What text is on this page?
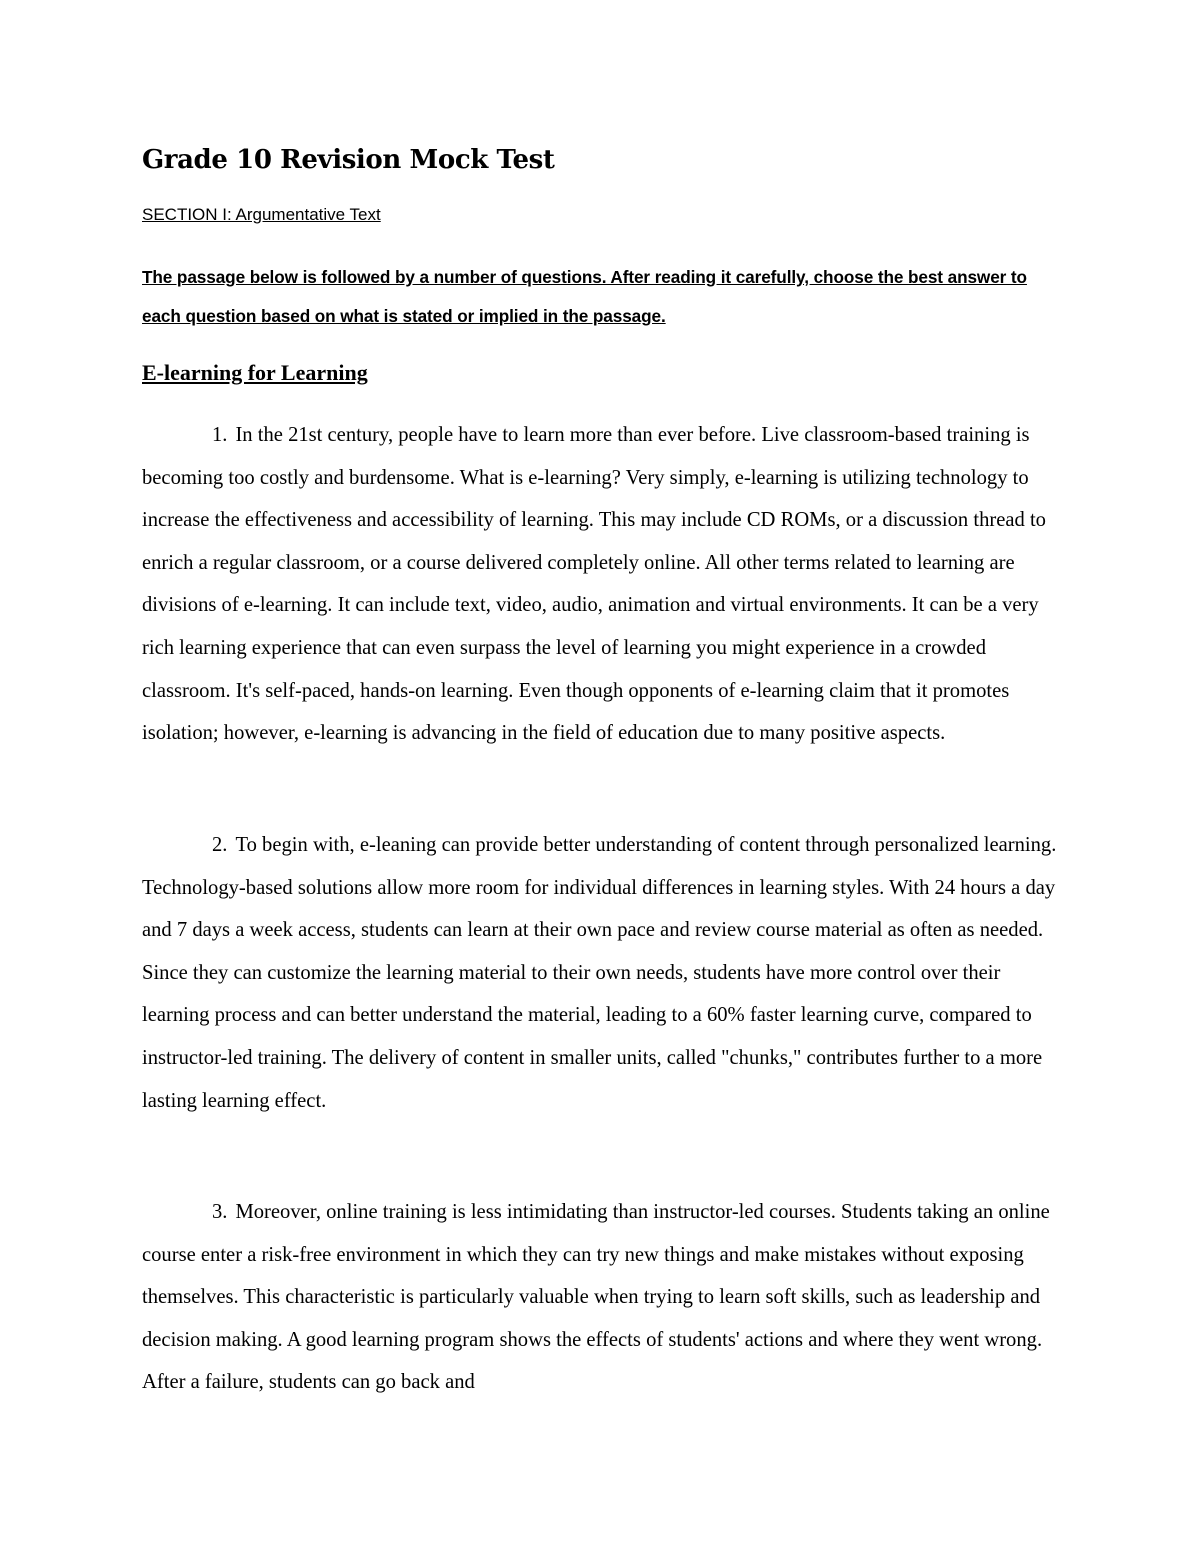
Grade 10 Revision Mock Test

SECTION I: Argumentative Text

The passage below is followed by a number of questions. After reading it carefully, choose the best answer to each question based on what is stated or implied in the passage.

E-learning for Learning

1. In the 21st century, people have to learn more than ever before. Live classroom-based training is becoming too costly and burdensome. What is e-learning? Very simply, e-learning is utilizing technology to increase the effectiveness and accessibility of learning. This may include CD ROMs, or a discussion thread to enrich a regular classroom, or a course delivered completely online. All other terms related to learning are divisions of e-learning. It can include text, video, audio, animation and virtual environments. It can be a very rich learning experience that can even surpass the level of learning you might experience in a crowded classroom. It's self-paced, hands-on learning. Even though opponents of e-learning claim that it promotes isolation; however, e-learning is advancing in the field of education due to many positive aspects.

2. To begin with, e-leaning can provide better understanding of content through personalized learning. Technology-based solutions allow more room for individual differences in learning styles. With 24 hours a day and 7 days a week access, students can learn at their own pace and review course material as often as needed. Since they can customize the learning material to their own needs, students have more control over their learning process and can better understand the material, leading to a 60% faster learning curve, compared to instructor-led training. The delivery of content in smaller units, called "chunks," contributes further to a more lasting learning effect.

3. Moreover, online training is less intimidating than instructor-led courses. Students taking an online course enter a risk-free environment in which they can try new things and make mistakes without exposing themselves. This characteristic is particularly valuable when trying to learn soft skills, such as leadership and decision making. A good learning program shows the effects of students' actions and where they went wrong. After a failure, students can go back and
